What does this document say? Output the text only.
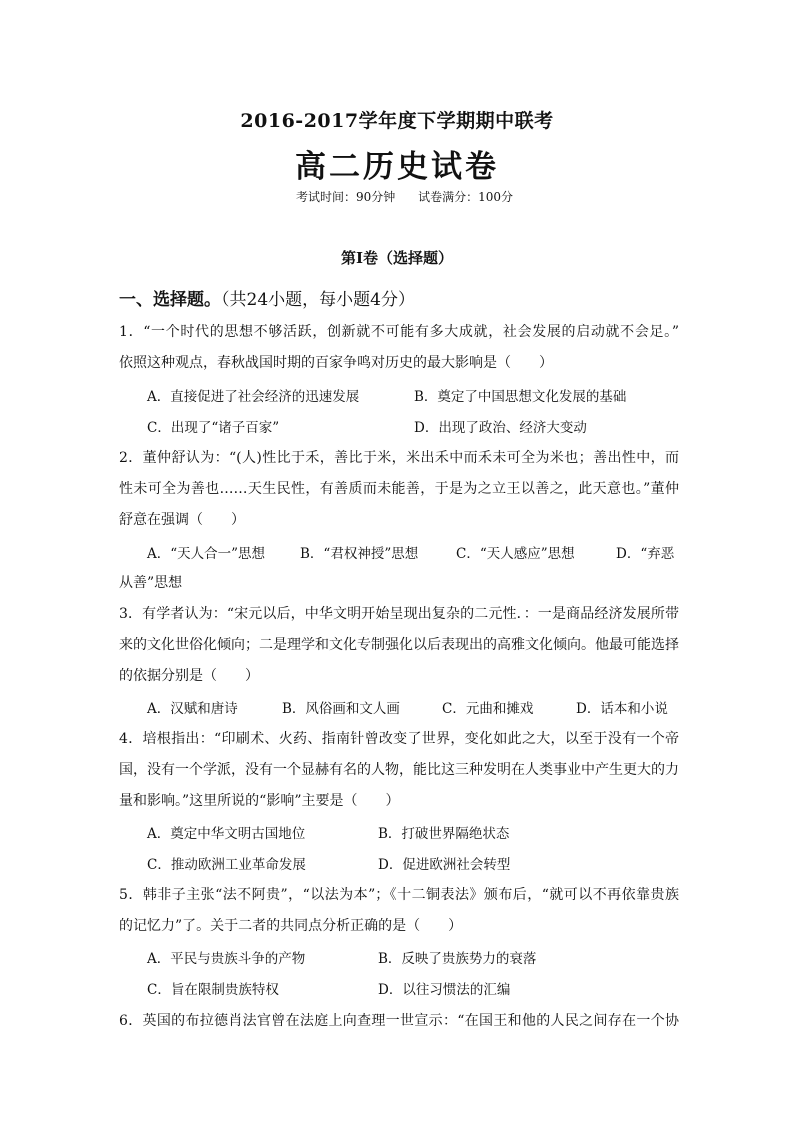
2016-2017学年度下学期期中联考
高二历史试卷
考试时间：90分钟      试卷满分：100分
第Ⅰ卷（选择题）
一、选择题。（共24小题，每小题4分）
1．“一个时代的思想不够活跃，创新就不可能有多大成就，社会发展的启动就不会足。”
依照这种观点，春秋战国时期的百家争鸣对历史的最大影响是（　　）
A．直接促进了社会经济的迅速发展	B．奠定了中国思想文化发展的基础
C．出现了“诸子百家”	D．出现了政治、经济大变动
2．董仲舒认为：“(人)性比于禾，善比于米，米出禾中而禾未可全为米也；善出性中，而
性未可全为善也……天生民性，有善质而未能善，于是为之立王以善之，此天意也。”董仲
舒意在强调（　　）
A．“天人合一”思想	B．“君权神授”思想	C．“天人感应”思想	D．“弃恶
从善”思想
3．有学者认为：“宋元以后，中华文明开始呈现出复杂的二元性．：一是商品经济发展所带
来的文化世俗化倾向；二是理学和文化专制强化以后表现出的高雅文化倾向。他最可能选择
的依据分别是（　　）
A．汉赋和唐诗	B．风俗画和文人画	C．元曲和摊戏	D．话本和小说
4．培根指出：“印刷术、火药、指南针曾改变了世界，变化如此之大，以至于没有一个帝
国，没有一个学派，没有一个显赫有名的人物，能比这三种发明在人类事业中产生更大的力
量和影响。”这里所说的“影响”主要是（　　）
A．奠定中华文明古国地位	B．打破世界隔绝状态
C．推动欧洲工业革命发展	D．促进欧洲社会转型
5．韩非子主张“法不阿贵”，“以法为本”；《十二铜表法》颁布后，“就可以不再依靠贵族
的记忆力”了。关于二者的共同点分析正确的是（　　）
A．平民与贵族斗争的产物	B．反映了贵族势力的衰落
C．旨在限制贵族特权	D．以往习惯法的汇编
6．英国的布拉德肖法官曾在法庭上向查理一世宣示：“在国王和他的人民之间存在一个协
